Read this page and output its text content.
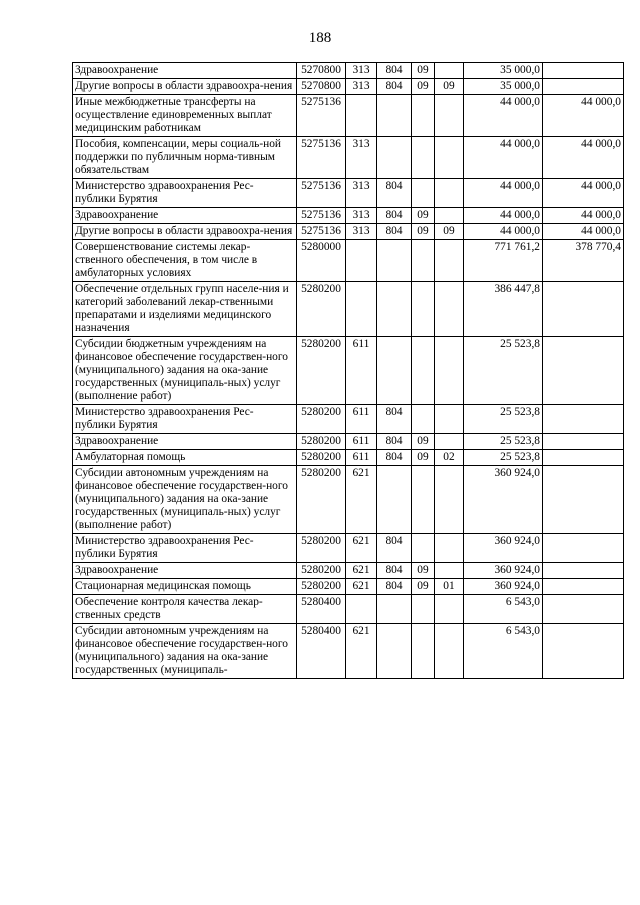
188
Здравоохранение	5270800	313	804	09		35 000,0	
Другие вопросы в области здравоохра-нения	5270800	313	804	09	09	35 000,0	
Иные межбюджетные трансферты на осуществление единовременных выплат медицинским работникам	5275136					44 000,0	44 000,0
Пособия, компенсации, меры социаль-ной поддержки по публичным норма-тивным обязательствам	5275136	313				44 000,0	44 000,0
Министерство здравоохранения Рес-публики Бурятия	5275136	313	804			44 000,0	44 000,0
Здравоохранение	5275136	313	804	09		44 000,0	44 000,0
Другие вопросы в области здравоохра-нения	5275136	313	804	09	09	44 000,0	44 000,0
Совершенствование системы лекар-ственного обеспечения, в том числе в амбулаторных условиях	5280000					771 761,2	378 770,4
Обеспечение отдельных групп населе-ния и категорий заболеваний лекар-ственными препаратами и изделиями медицинского назначения	5280200					386 447,8	
Субсидии бюджетным учреждениям на финансовое обеспечение государствен-ного (муниципального) задания на ока-зание государственных (муниципаль-ных) услуг (выполнение работ)	5280200	611				25 523,8	
Министерство здравоохранения Рес-публики Бурятия	5280200	611	804			25 523,8	
Здравоохранение	5280200	611	804	09		25 523,8	
Амбулаторная помощь	5280200	611	804	09	02	25 523,8	
Субсидии автономным учреждениям на финансовое обеспечение государствен-ного (муниципального) задания на ока-зание государственных (муниципаль-ных) услуг (выполнение работ)	5280200	621				360 924,0	
Министерство здравоохранения Рес-публики Бурятия	5280200	621	804			360 924,0	
Здравоохранение	5280200	621	804	09		360 924,0	
Стационарная медицинская помощь	5280200	621	804	09	01	360 924,0	
Обеспечение контроля качества лекар-ственных средств	5280400					6 543,0	
Субсидии автономным учреждениям на финансовое обеспечение государствен-ного (муниципального) задания на ока-зание государственных (муниципаль-	5280400	621				6 543,0	
